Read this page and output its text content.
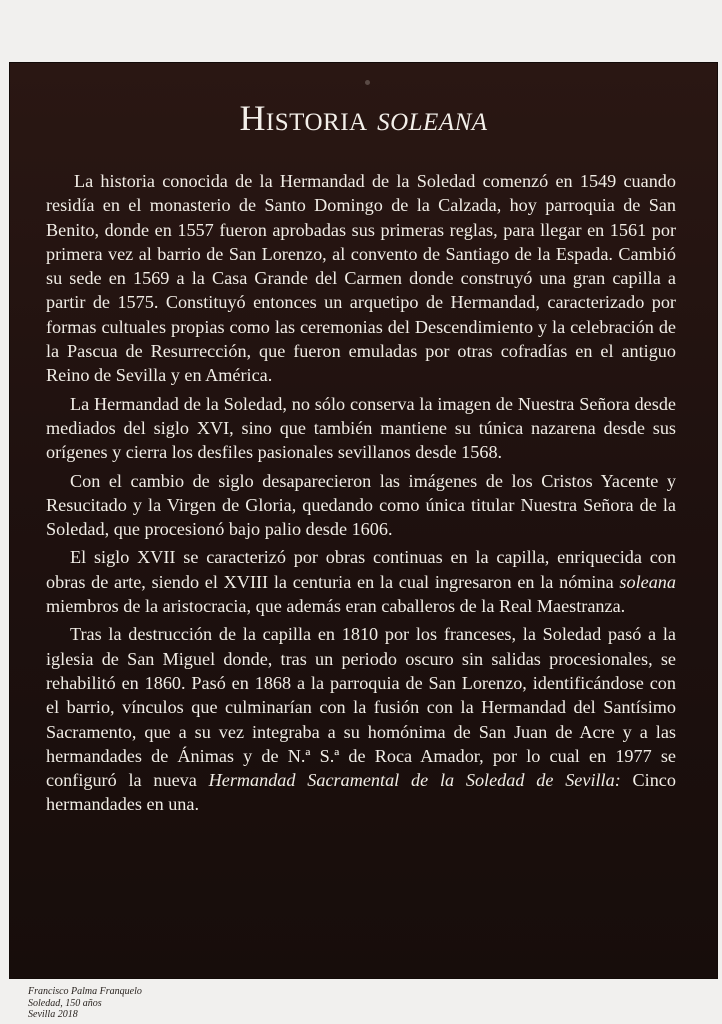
Historia soleana

La historia conocida de la Hermandad de la Soledad comenzó en 1549 cuando residía en el monasterio de Santo Domingo de la Calzada, hoy parroquia de San Benito, donde en 1557 fueron aprobadas sus primeras reglas, para llegar en 1561 por primera vez al barrio de San Lorenzo, al convento de Santiago de la Espada. Cambió su sede en 1569 a la Casa Grande del Carmen donde construyó una gran capilla a partir de 1575. Constituyó entonces un arquetipo de Hermandad, caracterizado por formas cultuales propias como las ceremonias del Descendimiento y la celebración de la Pascua de Resurrección, que fueron emuladas por otras cofradías en el antiguo Reino de Sevilla y en América.

La Hermandad de la Soledad, no sólo conserva la imagen de Nuestra Señora desde mediados del siglo XVI, sino que también mantiene su túnica nazarena desde sus orígenes y cierra los desfiles pasionales sevillanos desde 1568.

Con el cambio de siglo desaparecieron las imágenes de los Cristos Yacente y Resucitado y la Virgen de Gloria, quedando como única titular Nuestra Señora de la Soledad, que procesionó bajo palio desde 1606.

El siglo XVII se caracterizó por obras continuas en la capilla, enriquecida con obras de arte, siendo el XVIII la centuria en la cual ingresaron en la nómina soleana miembros de la aristocracia, que además eran caballeros de la Real Maestranza.

Tras la destrucción de la capilla en 1810 por los franceses, la Soledad pasó a la iglesia de San Miguel donde, tras un periodo oscuro sin salidas procesionales, se rehabilitó en 1860. Pasó en 1868 a la parroquia de San Lorenzo, identificándose con el barrio, vínculos que culminarían con la fusión con la Hermandad del Santísimo Sacramento, que a su vez integraba a su homónima de San Juan de Acre y a las hermandades de Ánimas y de N.ª S.ª de Roca Amador, por lo cual en 1977 se configuró la nueva Hermandad Sacramental de la Soledad de Sevilla: Cinco hermandades en una.

Francisco Palma Franquelo
Soledad, 150 años
Sevilla 2018
